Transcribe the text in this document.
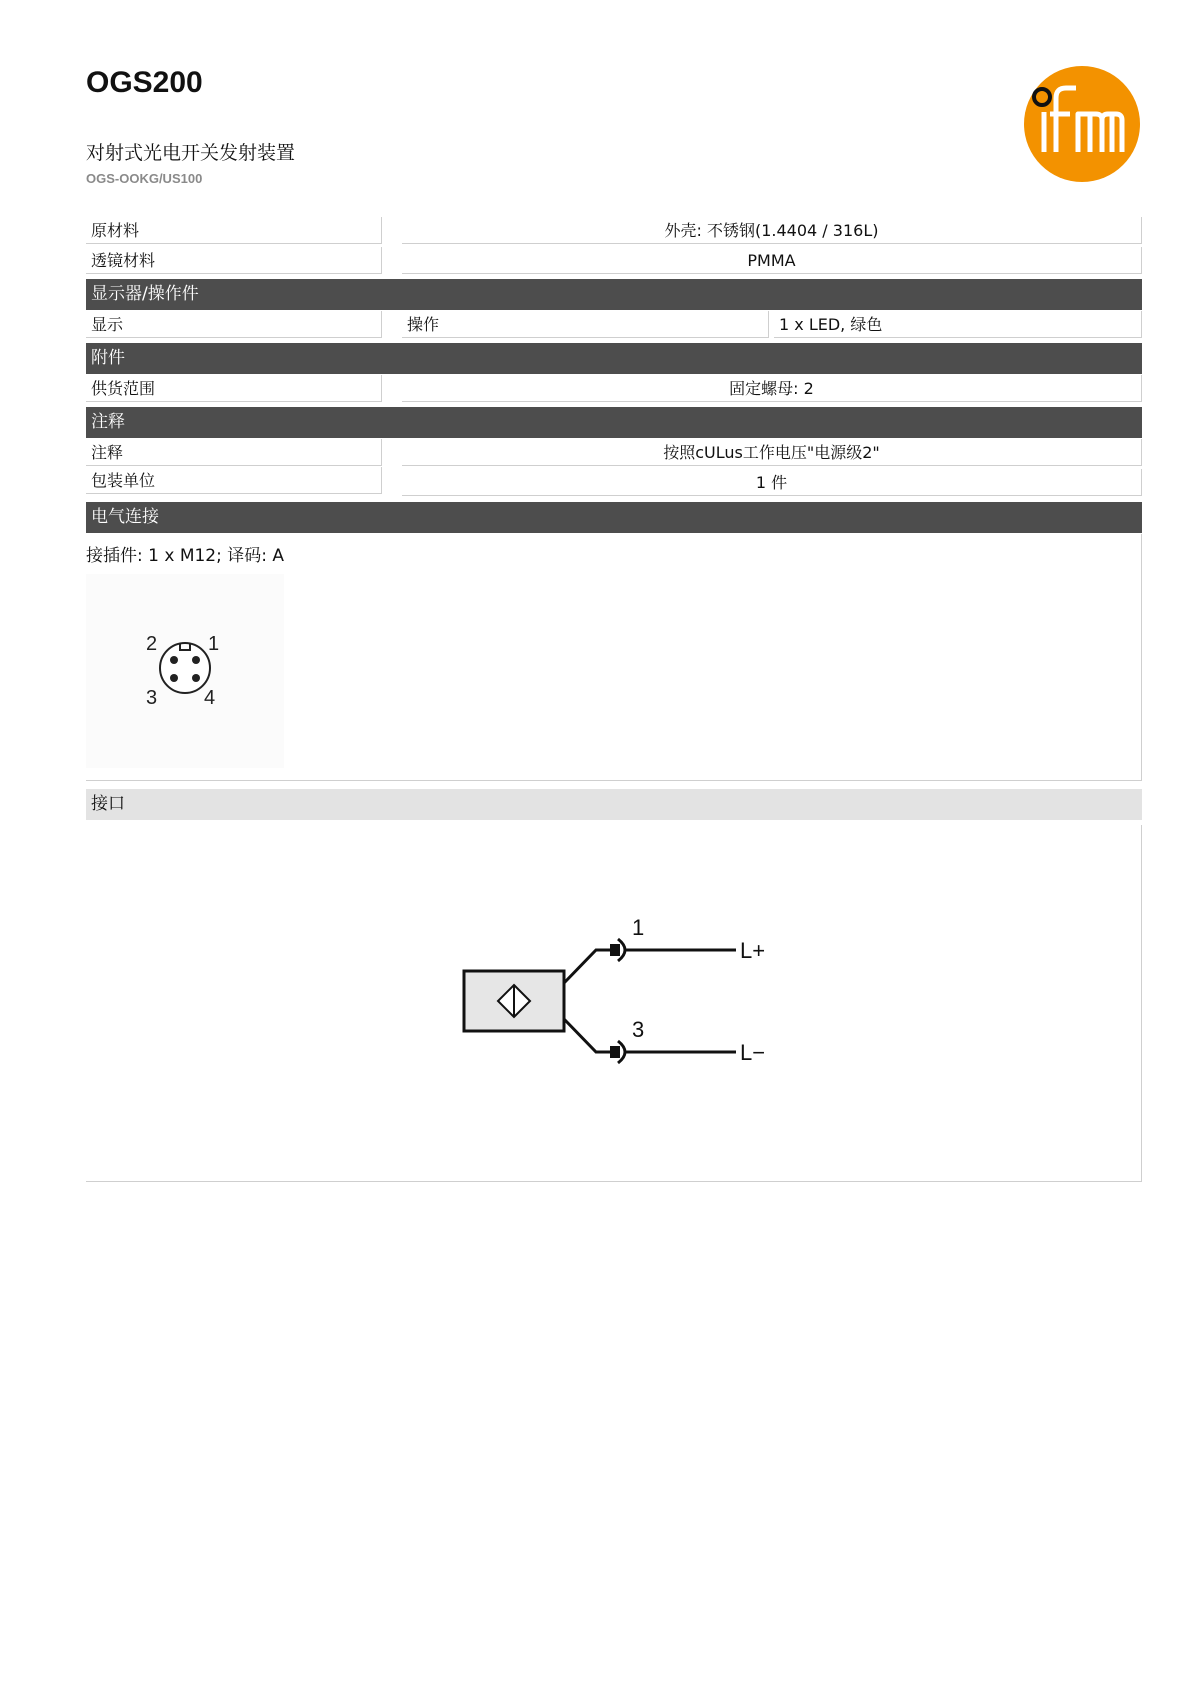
OGS200
对射式光电开关发射装置
OGS-OOKG/US100
原材料	外壳: 不锈钢(1.4404 / 316L)
透镜材料	PMMA
显示器/操作件
显示	操作	1 x LED, 绿色
附件
供货范围	固定螺母: 2
注释
注释	按照cULus工作电压"电源级2"
包装单位	1 件
电气连接
接插件: 1 x M12; 译码: A
2	1
3 4
接口
1
3
L+
L−
